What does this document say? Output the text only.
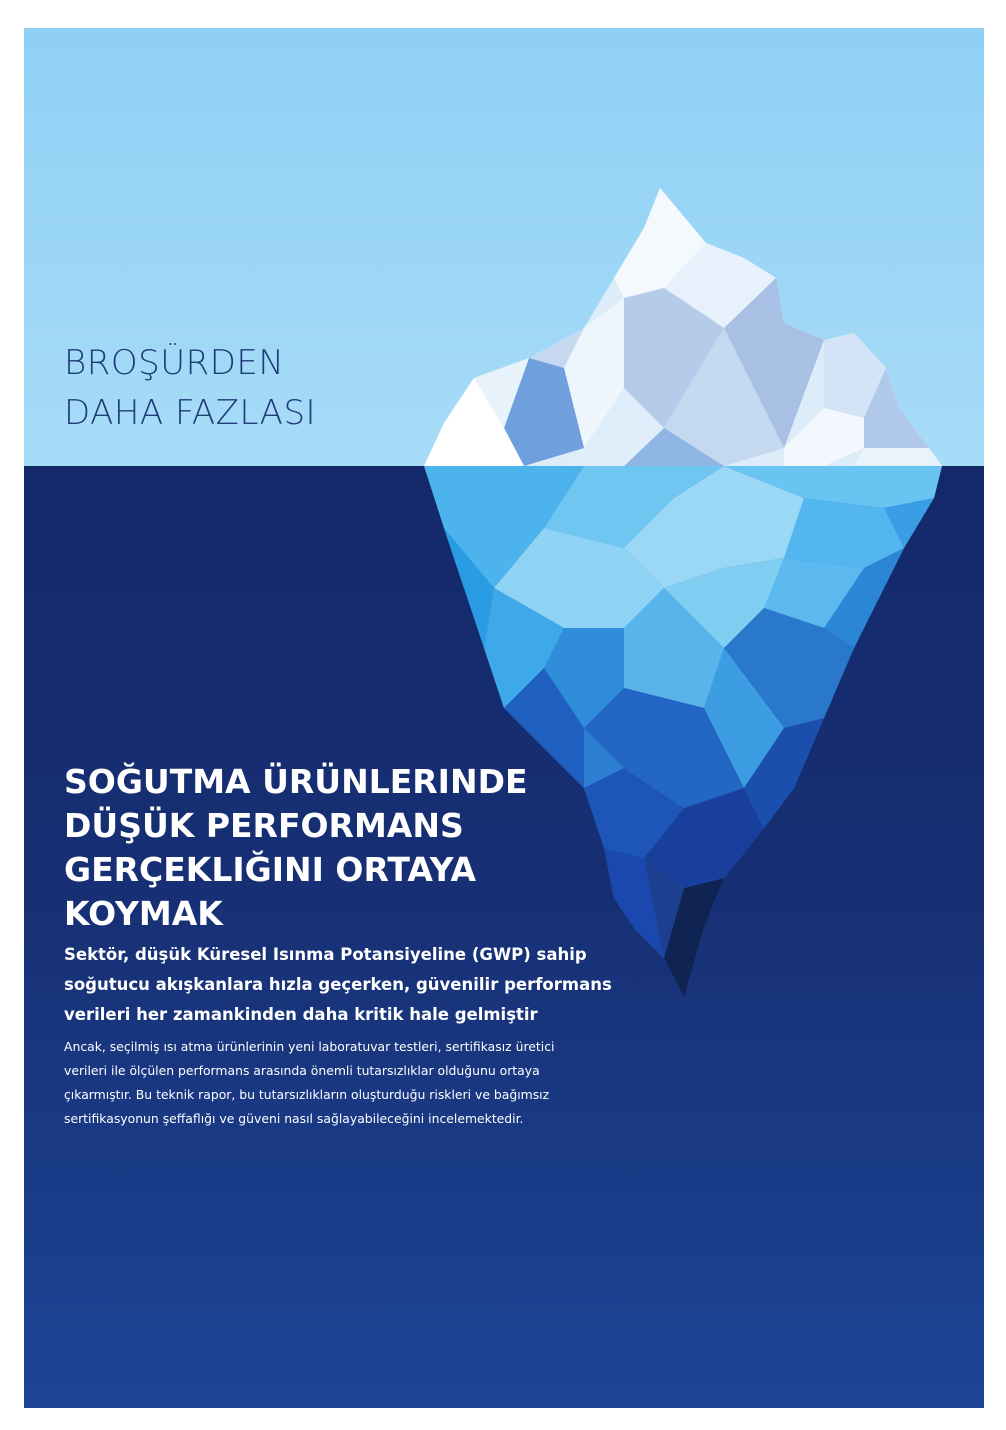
BROŞÜRDEN
DAHA FAZLASI
SOĞUTMA ÜRÜNLERINDE
DÜŞÜK PERFORMANS
GERÇEKLIĞINI ORTAYA
KOYMAK
Sektör, düşük Küresel Isınma Potansiyeline (GWP) sahip
soğutucu akışkanlara hızla geçerken, güvenilir performans
verileri her zamankinden daha kritik hale gelmiştir
Ancak, seçilmiş ısı atma ürünlerinin yeni laboratuvar testleri, sertifikasız üretici
verileri ile ölçülen performans arasında önemli tutarsızlıklar olduğunu ortaya
çıkarmıştır. Bu teknik rapor, bu tutarsızlıkların oluşturduğu riskleri ve bağımsız
sertifikasyonun şeffaflığı ve güveni nasıl sağlayabileceğini incelemektedir.
